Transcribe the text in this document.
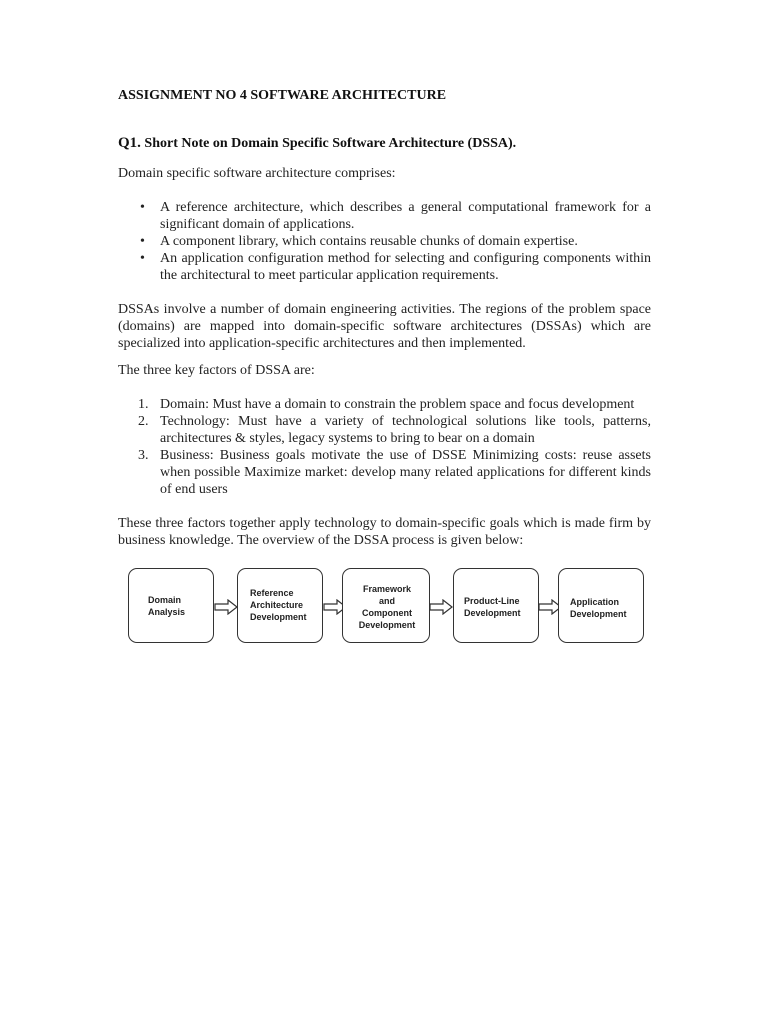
ASSIGNMENT NO 4 SOFTWARE ARCHITECTURE
Q1. Short Note on Domain Specific Software Architecture (DSSA).

Domain specific software architecture comprises:

• A reference architecture, which describes a general computational framework for a significant domain of applications.
• A component library, which contains reusable chunks of domain expertise.
• An application configuration method for selecting and configuring components within the architectural to meet particular application requirements.

DSSAs involve a number of domain engineering activities. The regions of the problem space (domains) are mapped into domain-specific software architectures (DSSAs) which are specialized into application-specific architectures and then implemented.

The three key factors of DSSA are:

1. Domain: Must have a domain to constrain the problem space and focus development
2. Technology: Must have a variety of technological solutions like tools, patterns, architectures & styles, legacy systems to bring to bear on a domain
3. Business: Business goals motivate the use of DSSE Minimizing costs: reuse assets when possible Maximize market: develop many related applications for different kinds of end users

These three factors together apply technology to domain-specific goals which is made firm by business knowledge. The overview of the DSSA process is given below:

Domain
Analysis
Reference
Architecture
Development
Framework
and
Component
Development
Product-Line
Development
Application
Development
